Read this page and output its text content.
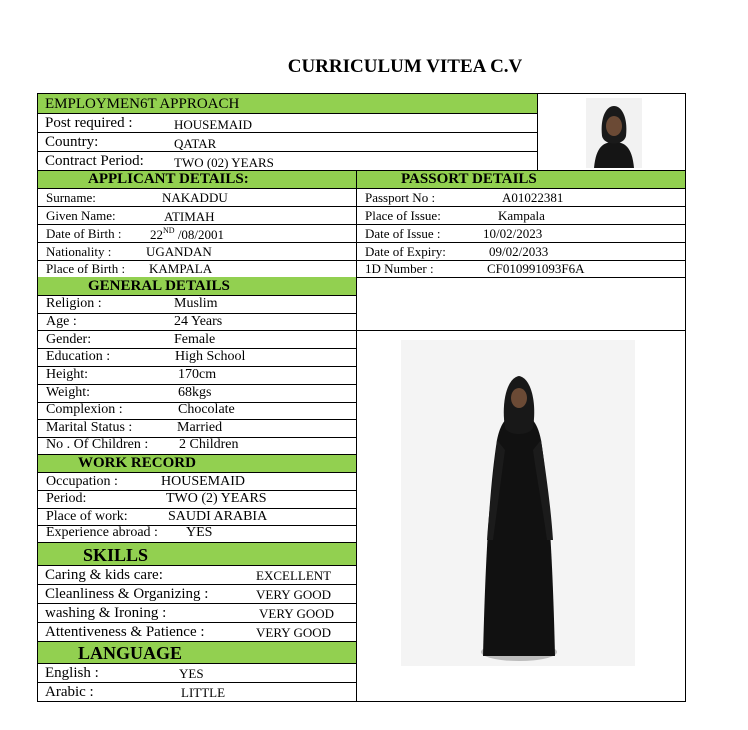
CURRICULUM VITEA C.V
EMPLOYMEN6T APPROACH
Post required :	HOUSEMAID
Country:	QATAR
Contract Period: TWO (02) YEARS
APPLICANT DETAILS:	PASSORT DETAILS
Surname:	NAKADDU
Given Name:	ATIMAH
Date of Birth : 22ND /08/2001
Nationality :	UGANDAN
Place of Birth : KAMPALA
Passport No :	A01022381
Place of Issue:	Kampala
Date of Issue :	10/02/2023
Date of Expiry:	09/02/2033
1D Number :	CF010991093F6A
GENERAL DETAILS
Religion :	Muslim
Age :	24 Years
Gender:	Female
Education :	High School
Height:	170cm
Weight:	68kgs
Complexion :	Chocolate
Marital Status :	Married
No . Of Children : 2 Children
WORK RECORD
Occupation :	HOUSEMAID
Period:	TWO (2) YEARS
Place of work:	SAUDI ARABIA
Experience abroad : YES
SKILLS
Caring & kids care:	EXCELLENT
Cleanliness & Organizing :	VERY GOOD
washing & Ironing :	VERY GOOD
Attentiveness & Patience :	VERY GOOD
LANGUAGE
English :	YES
Arabic :	LITTLE
